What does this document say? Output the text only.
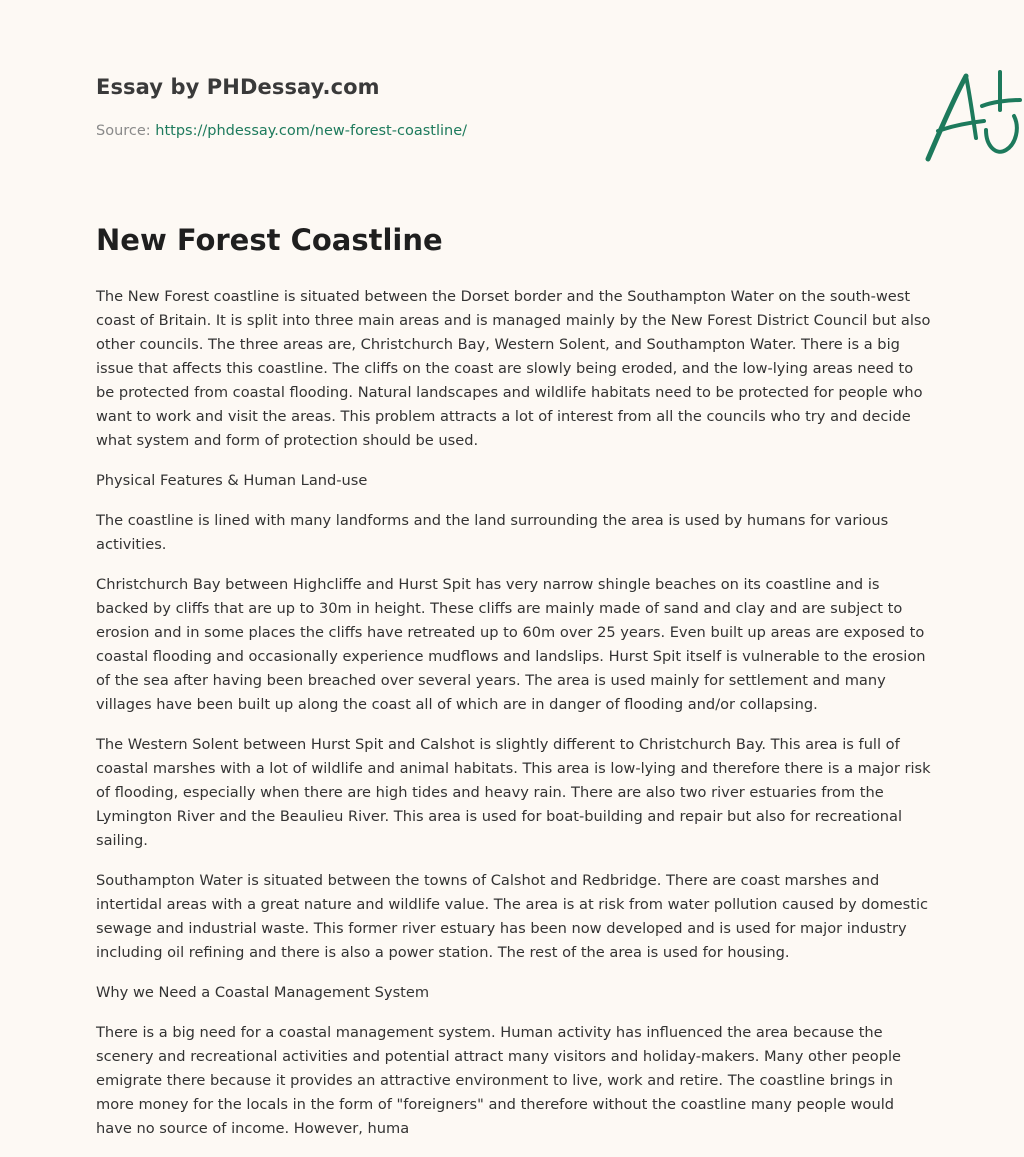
Essay by PHDessay.com
Source: https://phdessay.com/new-forest-coastline/
New Forest Coastline

The New Forest coastline is situated between the Dorset border and the Southampton Water on the south-west coast of Britain. It is split into three main areas and is managed mainly by the New Forest District Council but also other councils. The three areas are, Christchurch Bay, Western Solent, and Southampton Water. There is a big issue that affects this coastline. The cliffs on the coast are slowly being eroded, and the low-lying areas need to be protected from coastal flooding. Natural landscapes and wildlife habitats need to be protected for people who want to work and visit the areas. This problem attracts a lot of interest from all the councils who try and decide what system and form of protection should be used.

Physical Features & Human Land-use

The coastline is lined with many landforms and the land surrounding the area is used by humans for various activities.

Christchurch Bay between Highcliffe and Hurst Spit has very narrow shingle beaches on its coastline and is backed by cliffs that are up to 30m in height. These cliffs are mainly made of sand and clay and are subject to erosion and in some places the cliffs have retreated up to 60m over 25 years. Even built up areas are exposed to coastal flooding and occasionally experience mudflows and landslips. Hurst Spit itself is vulnerable to the erosion of the sea after having been breached over several years. The area is used mainly for settlement and many villages have been built up along the coast all of which are in danger of flooding and/or collapsing.

The Western Solent between Hurst Spit and Calshot is slightly different to Christchurch Bay. This area is full of coastal marshes with a lot of wildlife and animal habitats. This area is low-lying and therefore there is a major risk of flooding, especially when there are high tides and heavy rain. There are also two river estuaries from the Lymington River and the Beaulieu River. This area is used for boat-building and repair but also for recreational sailing.

Southampton Water is situated between the towns of Calshot and Redbridge. There are coast marshes and intertidal areas with a great nature and wildlife value. The area is at risk from water pollution caused by domestic sewage and industrial waste. This former river estuary has been now developed and is used for major industry including oil refining and there is also a power station. The rest of the area is used for housing.

Why we Need a Coastal Management System

There is a big need for a coastal management system. Human activity has influenced the area because the scenery and recreational activities and potential attract many visitors and holiday-makers. Many other people emigrate there because it provides an attractive environment to live, work and retire. The coastline brings in more money for the locals in the form of "foreigners" and therefore without the coastline many people would have no source of income. However, huma
